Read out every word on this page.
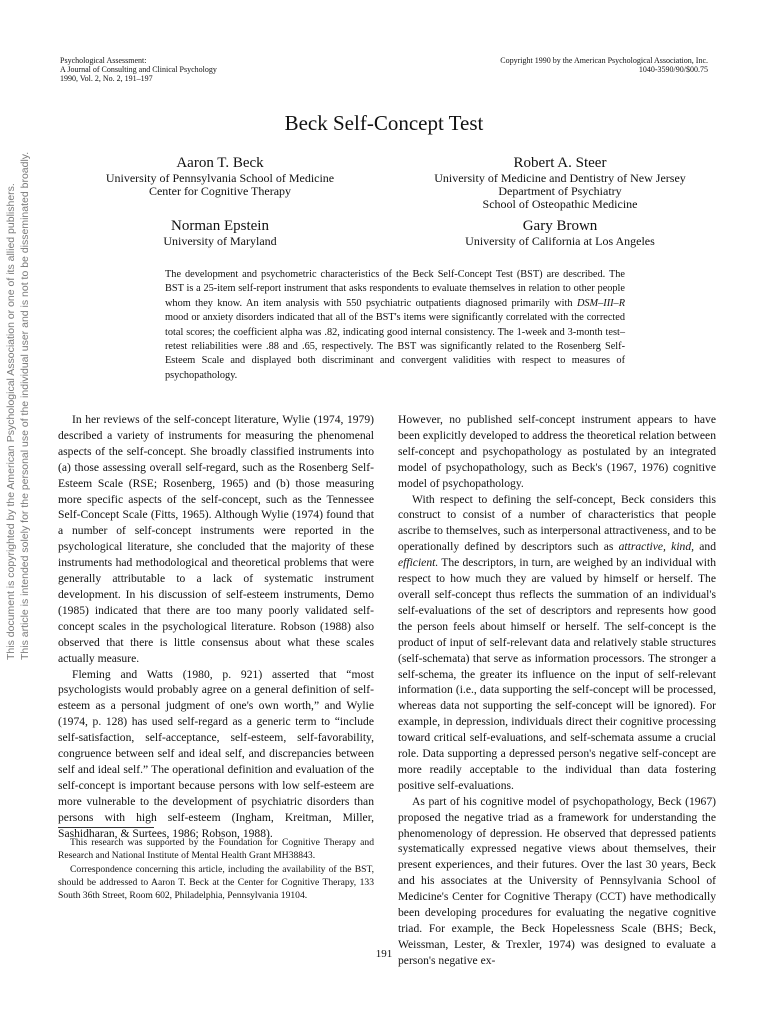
Psychological Assessment:
A Journal of Consulting and Clinical Psychology
1990, Vol. 2, No. 2, 191–197
Copyright 1990 by the American Psychological Association, Inc.
1040-3590/90/$00.75
Beck Self-Concept Test
Aaron T. Beck
University of Pennsylvania School of Medicine
Center for Cognitive Therapy
Robert A. Steer
University of Medicine and Dentistry of New Jersey
Department of Psychiatry
School of Osteopathic Medicine
Norman Epstein
University of Maryland
Gary Brown
University of California at Los Angeles
The development and psychometric characteristics of the Beck Self-Concept Test (BST) are described. The BST is a 25-item self-report instrument that asks respondents to evaluate themselves in relation to other people whom they know. An item analysis with 550 psychiatric outpatients diagnosed primarily with DSM–III–R mood or anxiety disorders indicated that all of the BST's items were significantly correlated with the corrected total scores; the coefficient alpha was .82, indicating good internal consistency. The 1-week and 3-month test–retest reliabilities were .88 and .65, respectively. The BST was significantly related to the Rosenberg Self-Esteem Scale and displayed both discriminant and convergent validities with respect to measures of psychopathology.

In her reviews of the self-concept literature, Wylie (1974, 1979) described a variety of instruments for measuring the phenomenal aspects of the self-concept. She broadly classified instruments into (a) those assessing overall self-regard, such as the Rosenberg Self-Esteem Scale (RSE; Rosenberg, 1965) and (b) those measuring more specific aspects of the self-concept, such as the Tennessee Self-Concept Scale (Fitts, 1965). Although Wylie (1974) found that a number of self-concept instruments were reported in the psychological literature, she concluded that the majority of these instruments had methodological and theoretical problems that were generally attributable to a lack of systematic instrument development. In his discussion of self-esteem instruments, Demo (1985) indicated that there are too many poorly validated self-concept scales in the psychological literature. Robson (1988) also observed that there is little consensus about what these scales actually measure.

Fleming and Watts (1980, p. 921) asserted that “most psychologists would probably agree on a general definition of self-esteem as a personal judgment of one's own worth,” and Wylie (1974, p. 128) has used self-regard as a generic term to “include self-satisfaction, self-acceptance, self-esteem, self-favorability, congruence between self and ideal self, and discrepancies between self and ideal self.” The operational definition and evaluation of the self-concept is important because persons with low self-esteem are more vulnerable to the development of psychiatric disorders than persons with high self-esteem (Ingham, Kreitman, Miller, Sashidharan, & Surtees, 1986; Robson, 1988).

However, no published self-concept instrument appears to have been explicitly developed to address the theoretical relation between self-concept and psychopathology as postulated by an integrated model of psychopathology, such as Beck's (1967, 1976) cognitive model of psychopathology.

With respect to defining the self-concept, Beck considers this construct to consist of a number of characteristics that people ascribe to themselves, such as interpersonal attractiveness, and to be operationally defined by descriptors such as attractive, kind, and efficient. The descriptors, in turn, are weighed by an individual with respect to how much they are valued by himself or herself. The overall self-concept thus reflects the summation of an individual's self-evaluations of the set of descriptors and represents how good the person feels about himself or herself. The self-concept is the product of input of self-relevant data and relatively stable structures (self-schemata) that serve as information processors. The stronger a self-schema, the greater its influence on the input of self-relevant information (i.e., data supporting the self-concept will be processed, whereas data not supporting the self-concept will be ignored). For example, in depression, individuals direct their cognitive processing toward critical self-evaluations, and self-schemata assume a crucial role. Data supporting a depressed person's negative self-concept are more readily acceptable to the individual than data fostering positive self-evaluations.

As part of his cognitive model of psychopathology, Beck (1967) proposed the negative triad as a framework for understanding the phenomenology of depression. He observed that depressed patients systematically expressed negative views about themselves, their present experiences, and their futures. Over the last 30 years, Beck and his associates at the University of Pennsylvania School of Medicine's Center for Cognitive Therapy (CCT) have methodically been developing procedures for evaluating the negative cognitive triad. For example, the Beck Hopelessness Scale (BHS; Beck, Weissman, Lester, & Trexler, 1974) was designed to evaluate a person's negative ex-

This research was supported by the Foundation for Cognitive Therapy and Research and National Institute of Mental Health Grant MH38843.

Correspondence concerning this article, including the availability of the BST, should be addressed to Aaron T. Beck at the Center for Cognitive Therapy, 133 South 36th Street, Room 602, Philadelphia, Pennsylvania 19104.

191
This document is copyrighted by the American Psychological Association or one of its allied publishers. This article is intended solely for the personal use of the individual user and is not to be disseminated broadly.
